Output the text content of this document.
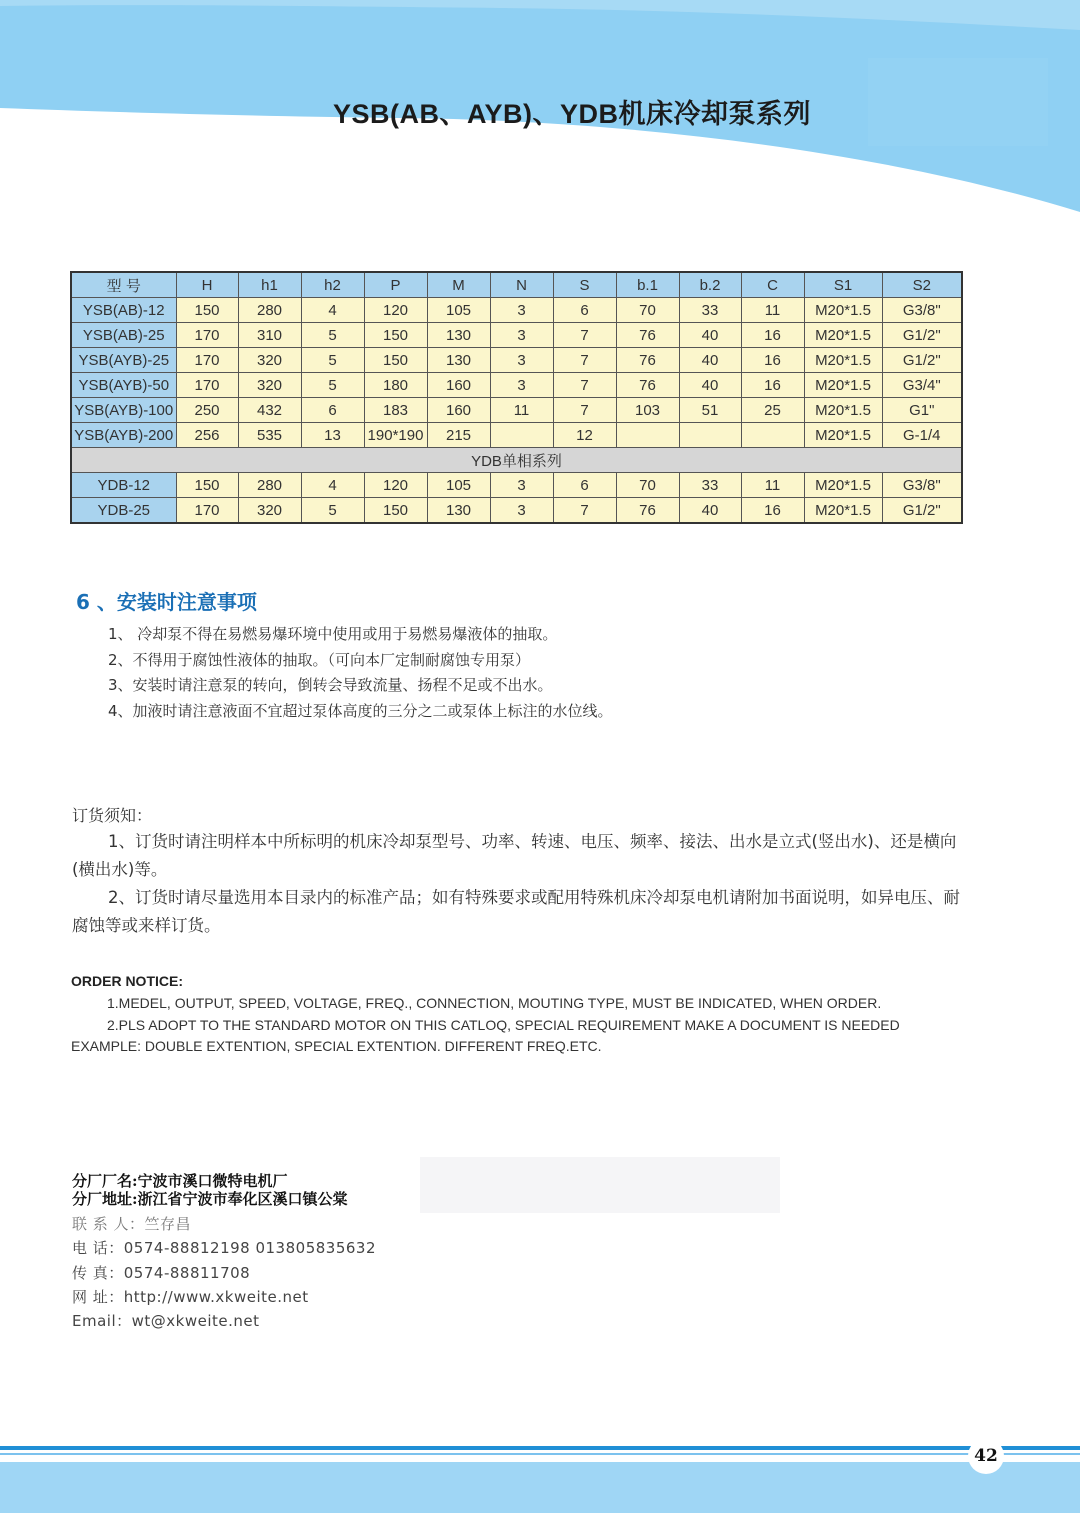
YSB(AB、AYB)、YDB机床冷却泵系列
型 号	H	h1	h2	P	M	N	S	b.1	b.2	C	S1	S2
YSB(AB)-12	150	280	4	120	105	3	6	70	33	11	M20*1.5	G3/8"
YSB(AB)-25	170	310	5	150	130	3	7	76	40	16	M20*1.5	G1/2"
YSB(AYB)-25	170	320	5	150	130	3	7	76	40	16	M20*1.5	G1/2"
YSB(AYB)-50	170	320	5	180	160	3	7	76	40	16	M20*1.5	G3/4"
YSB(AYB)-100	250	432	6	183	160	11	7	103	51	25	M20*1.5	G1"
YSB(AYB)-200	256	535	13	190*190	215		12				M20*1.5	G-1/4
YDB单相系列												
YDB-12	150	280	4	120	105	3	6	70	33	11	M20*1.5	G3/8"
YDB-25	170	320	5	150	130	3	7	76	40	16	M20*1.5	G1/2"
6 、安装时注意事项
1、 冷却泵不得在易燃易爆环境中使用或用于易燃易爆液体的抽取。
2、不得用于腐蚀性液体的抽取。（可向本厂定制耐腐蚀专用泵）
3、安装时请注意泵的转向，倒转会导致流量、扬程不足或不出水。
4、加液时请注意液面不宜超过泵体高度的三分之二或泵体上标注的水位线。
订货须知：

1、订货时请注明样本中所标明的机床冷却泵型号、功率、转速、电压、频率、接法、出水是立式(竖出水)、还是横向(横出水)等。

2、订货时请尽量选用本目录内的标准产品；如有特殊要求或配用特殊机床冷却泵电机请附加书面说明，如异电压、耐腐蚀等或来样订货。

ORDER NOTICE:
1.MEDEL, OUTPUT, SPEED, VOLTAGE, FREQ., CONNECTION, MOUTING TYPE, MUST BE INDICATED, WHEN ORDER.
2.PLS ADOPT TO THE STANDARD MOTOR ON THIS CATLOQ, SPECIAL REQUIREMENT MAKE A DOCUMENT IS NEEDED
EXAMPLE: DOUBLE EXTENTION, SPECIAL EXTENTION. DIFFERENT FREQ.ETC.
分厂厂名:宁波市溪口微特电机厂
分厂地址:浙江省宁波市奉化区溪口镇公棠
联 系 人：竺存昌
电 话：0574-88812198 013805835632
传 真：0574-88811708
网 址：http://www.xkweite.net
Email：wt@xkweite.net
42
